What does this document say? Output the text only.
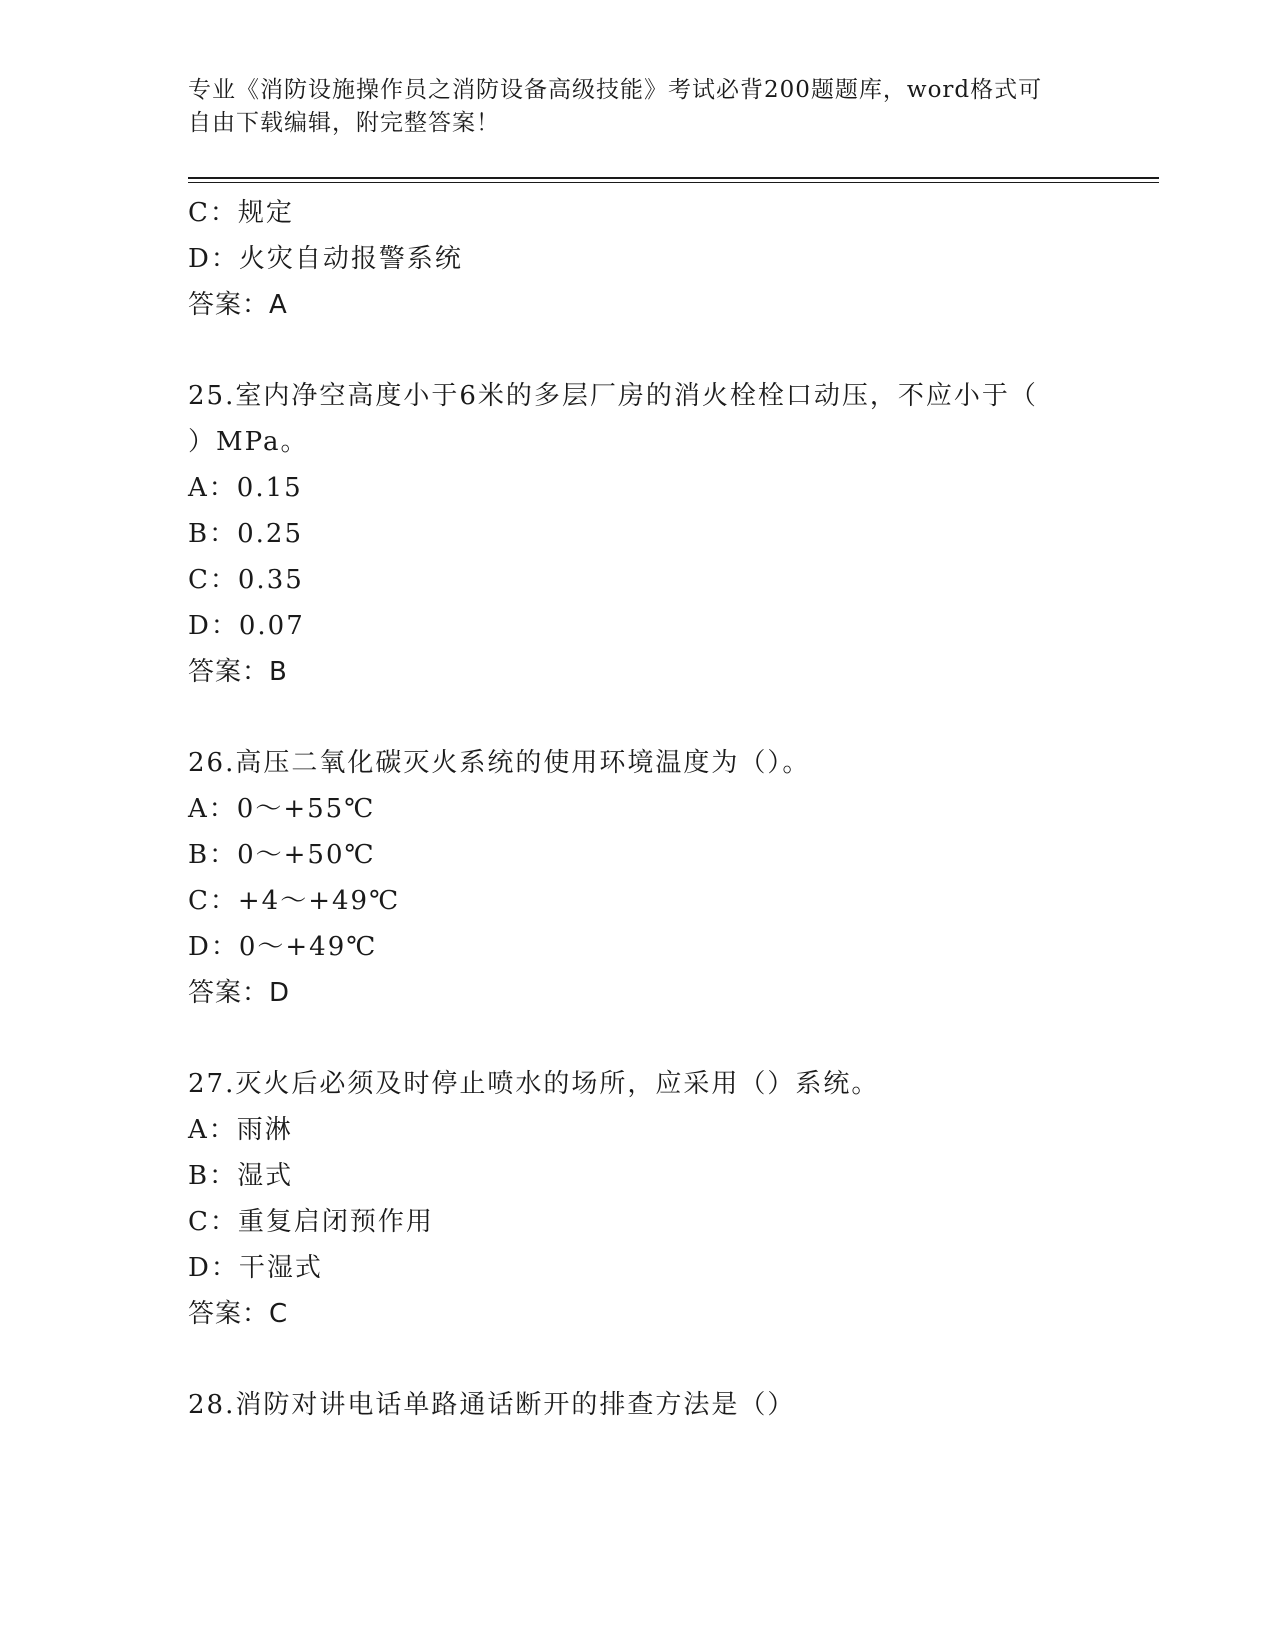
专业《消防设施操作员之消防设备高级技能》考试必背200题题库，word格式可
自由下载编辑，附完整答案！
C：规定
D：火灾自动报警系统
答案：A
25.室内净空高度小于6米的多层厂房的消火栓栓口动压，不应小于（
）MPa。
A：0.15
B：0.25
C：0.35
D：0.07
答案：B
26.高压二氧化碳灭火系统的使用环境温度为（）。
A：0～+55℃
B：0～+50℃
C：+4～+49℃
D：0～+49℃
答案：D
27.灭火后必须及时停止喷水的场所，应采用（）系统。
A：雨淋
B：湿式
C：重复启闭预作用
D：干湿式
答案：C
28.消防对讲电话单路通话断开的排查方法是（）
